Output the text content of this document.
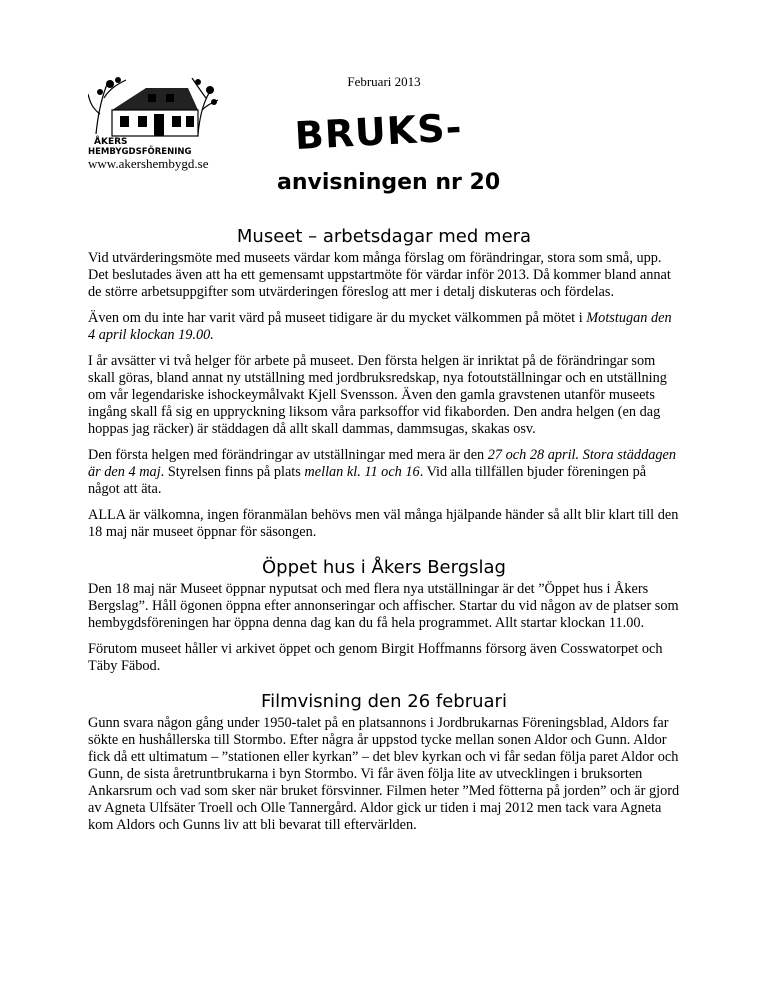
Februari 2013
ÅKERS
HEMBYGDSFÖRENING
www.akershembygd.se
BRUKS-
anvisningen nr 20
Museet – arbetsdagar med mera

Vid utvärderingsmöte med museets värdar kom många förslag om förändringar, stora som små, upp. Det beslutades även att ha ett gemensamt uppstartmöte för värdar inför 2013. Då kommer bland annat de större arbetsuppgifter som utvärderingen föreslog att mer i detalj diskuteras och fördelas.

Även om du inte har varit värd på museet tidigare är du mycket välkommen på mötet i Motstugan den 4 april klockan 19.00.

I år avsätter vi två helger för arbete på museet. Den första helgen är inriktat på de förändringar som skall göras, bland annat ny utställning med jordbruksredskap, nya fotoutställningar och en utställning om vår legendariske ishockeymålvakt Kjell Svensson. Även den gamla gravstenen utanför museets ingång skall få sig en uppryckning liksom våra parksoffor vid fikaborden. Den andra helgen (en dag hoppas jag räcker) är städdagen då allt skall dammas, dammsugas, skakas osv.

Den första helgen med förändringar av utställningar med mera är den 27 och 28 april. Stora städdagen är den 4 maj. Styrelsen finns på plats mellan kl. 11 och 16. Vid alla tillfällen bjuder föreningen på något att äta.

ALLA är välkomna, ingen föranmälan behövs men väl många hjälpande händer så allt blir klart till den 18 maj när museet öppnar för säsongen.

Öppet hus i Åkers Bergslag

Den 18 maj när Museet öppnar nyputsat och med flera nya utställningar är det ”Öppet hus i Åkers Bergslag”. Håll ögonen öppna efter annonseringar och affischer. Startar du vid någon av de platser som hembygdsföreningen har öppna denna dag kan du få hela programmet. Allt startar klockan 11.00.

Förutom museet håller vi arkivet öppet och genom Birgit Hoffmanns försorg även Cosswatorpet och Täby Fäbod.

Filmvisning den 26 februari

Gunn svara någon gång under 1950-talet på en platsannons i Jordbrukarnas Föreningsblad, Aldors far sökte en hushållerska till Stormbo. Efter några år uppstod tycke mellan sonen Aldor och Gunn. Aldor fick då ett ultimatum – ”stationen eller kyrkan” – det blev kyrkan och vi får sedan följa paret Aldor och Gunn, de sista åretruntbrukarna i byn Stormbo. Vi får även följa lite av utvecklingen i bruksorten Ankarsrum och vad som sker när bruket försvinner. Filmen heter ”Med fötterna på jorden” och är gjord av Agneta Ulfsäter Troell och Olle Tannergård. Aldor gick ur tiden i maj 2012 men tack vara Agneta kom Aldors och Gunns liv att bli bevarat till eftervärlden.
